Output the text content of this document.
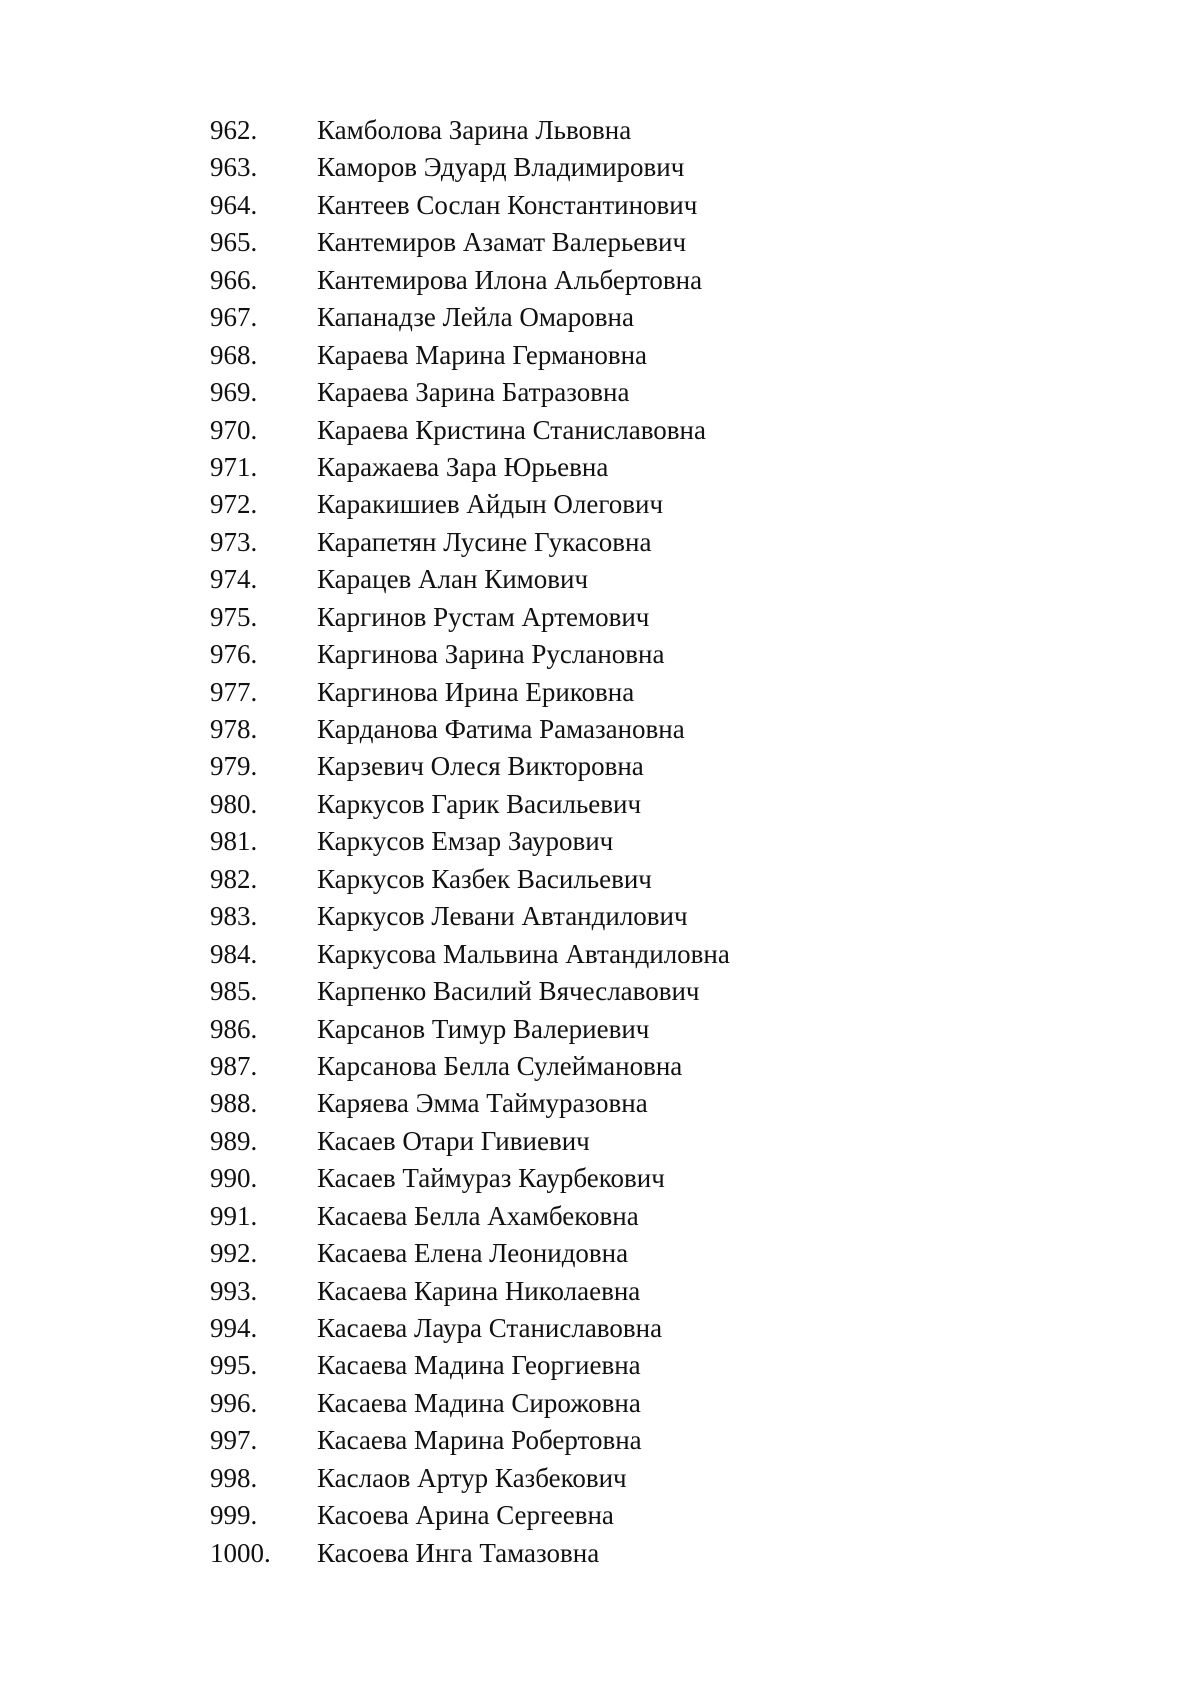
962.	Камболова Зарина Львовна
963.	Каморов Эдуард Владимирович
964.	Кантеев Сослан Константинович
965.	Кантемиров Азамат Валерьевич
966.	Кантемирова Илона Альбертовна
967.	Капанадзе Лейла Омаровна
968.	Караева Марина Германовна
969.	Караева Зарина Батразовна
970.	Караева Кристина Станиславовна
971.	Каражаева Зара Юрьевна
972.	Каракишиев Айдын Олегович
973.	Карапетян Лусине Гукасовна
974.	Карацев Алан Кимович
975.	Каргинов Рустам Артемович
976.	Каргинова Зарина Руслановна
977.	Каргинова Ирина Ериковна
978.	Карданова Фатима Рамазановна
979.	Карзевич Олеся Викторовна
980.	Каркусов Гарик Васильевич
981.	Каркусов Емзар Заурович
982.	Каркусов Казбек Васильевич
983.	Каркусов Левани Автандилович
984.	Каркусова Мальвина Автандиловна
985.	Карпенко Василий Вячеславович
986.	Карсанов Тимур Валериевич
987.	Карсанова Белла Сулеймановна
988.	Каряева Эмма Таймуразовна
989.	Касаев Отари Гивиевич
990.	Касаев Таймураз Каурбекович
991.	Касаева Белла Ахамбековна
992.	Касаева Елена Леонидовна
993.	Касаева Карина Николаевна
994.	Касаева Лаура Станиславовна
995.	Касаева Мадина Георгиевна
996.	Касаева Мадина Сирожовна
997.	Касаева Марина Робертовна
998.	Каслаов Артур Казбекович
999.	Касоева Арина Сергеевна
1000.	Касоева Инга Тамазовна
